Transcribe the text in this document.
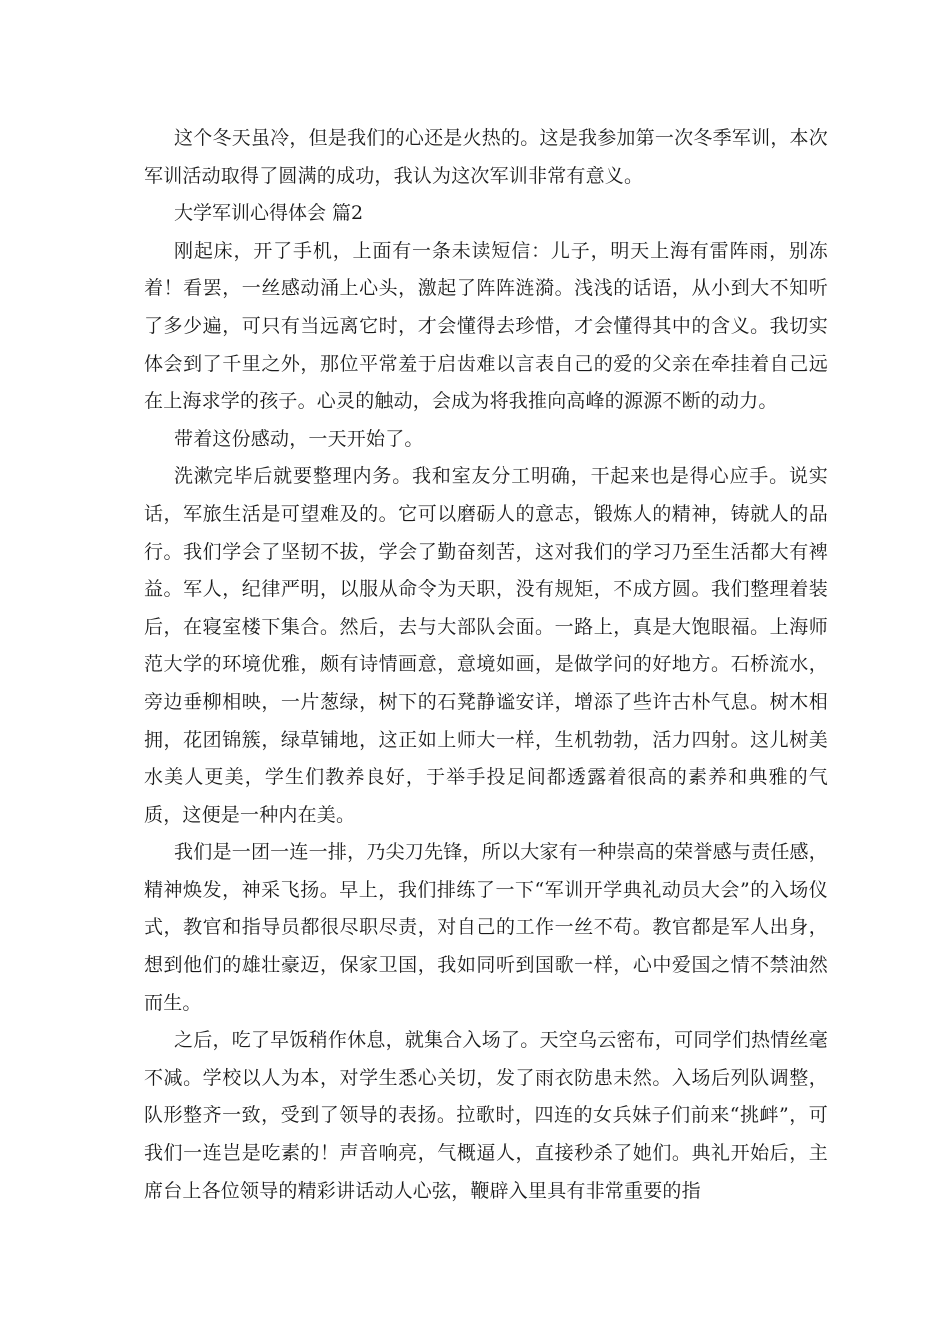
这个冬天虽冷，但是我们的心还是火热的。这是我参加第一次冬季军训，本次军训活动取得了圆满的成功，我认为这次军训非常有意义。

大学军训心得体会 篇2

刚起床，开了手机，上面有一条未读短信：儿子，明天上海有雷阵雨，别冻着！看罢，一丝感动涌上心头，激起了阵阵涟漪。浅浅的话语，从小到大不知听了多少遍，可只有当远离它时，才会懂得去珍惜，才会懂得其中的含义。我切实体会到了千里之外，那位平常羞于启齿难以言表自己的爱的父亲在牵挂着自己远在上海求学的孩子。心灵的触动，会成为将我推向高峰的源源不断的动力。

带着这份感动，一天开始了。

洗漱完毕后就要整理内务。我和室友分工明确，干起来也是得心应手。说实话，军旅生活是可望难及的。它可以磨砺人的意志，锻炼人的精神，铸就人的品行。我们学会了坚韧不拔，学会了勤奋刻苦，这对我们的学习乃至生活都大有裨益。军人，纪律严明，以服从命令为天职，没有规矩，不成方圆。我们整理着装后，在寝室楼下集合。然后，去与大部队会面。一路上，真是大饱眼福。上海师范大学的环境优雅，颇有诗情画意，意境如画，是做学问的好地方。石桥流水，旁边垂柳相映，一片葱绿，树下的石凳静谧安详，增添了些许古朴气息。树木相拥，花团锦簇，绿草铺地，这正如上师大一样，生机勃勃，活力四射。这儿树美水美人更美，学生们教养良好，于举手投足间都透露着很高的素养和典雅的气质，这便是一种内在美。

我们是一团一连一排，乃尖刀先锋，所以大家有一种崇高的荣誉感与责任感，精神焕发，神采飞扬。早上，我们排练了一下“军训开学典礼动员大会”的入场仪式，教官和指导员都很尽职尽责，对自己的工作一丝不苟。教官都是军人出身，想到他们的雄壮豪迈，保家卫国，我如同听到国歌一样，心中爱国之情不禁油然而生。

之后，吃了早饭稍作休息，就集合入场了。天空乌云密布，可同学们热情丝毫不减。学校以人为本，对学生悉心关切，发了雨衣防患未然。入场后列队调整，队形整齐一致，受到了领导的表扬。拉歌时，四连的女兵妹子们前来“挑衅”，可我们一连岂是吃素的！声音响亮，气概逼人，直接秒杀了她们。典礼开始后，主席台上各位领导的精彩讲话动人心弦，鞭辟入里具有非常重要的指
